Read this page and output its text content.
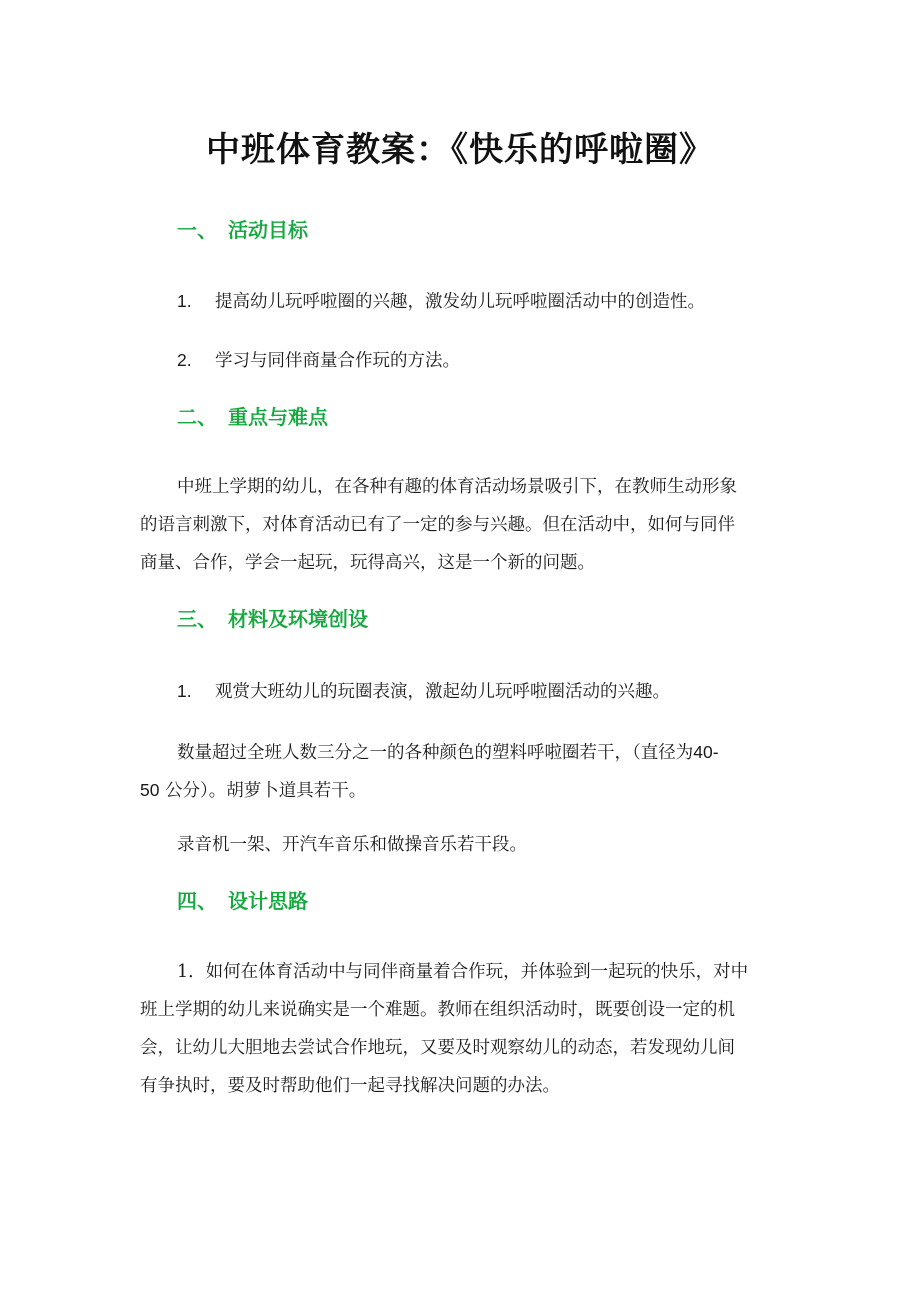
中班体育教案：《快乐的呼啦圈》
一、 活动目标
1. 提高幼儿玩呼啦圈的兴趣，激发幼儿玩呼啦圈活动中的创造性。
2. 学习与同伴商量合作玩的方法。
二、 重点与难点
中班上学期的幼儿，在各种有趣的体育活动场景吸引下，在教师生动形象
的语言刺激下，对体育活动已有了一定的参与兴趣。但在活动中，如何与同伴
商量、合作，学会一起玩，玩得高兴，这是一个新的问题。
三、 材料及环境创设
1. 观赏大班幼儿的玩圈表演，激起幼儿玩呼啦圈活动的兴趣。
数量超过全班人数三分之一的各种颜色的塑料呼啦圈若干，（直径为40-
50 公分）。胡萝卜道具若干。
录音机一架、开汽车音乐和做操音乐若干段。
四、 设计思路
1．如何在体育活动中与同伴商量着合作玩，并体验到一起玩的快乐，对中
班上学期的幼儿来说确实是一个难题。教师在组织活动时，既要创设一定的机
会，让幼儿大胆地去尝试合作地玩，又要及时观察幼儿的动态，若发现幼儿间
有争执时，要及时帮助他们一起寻找解决问题的办法。
